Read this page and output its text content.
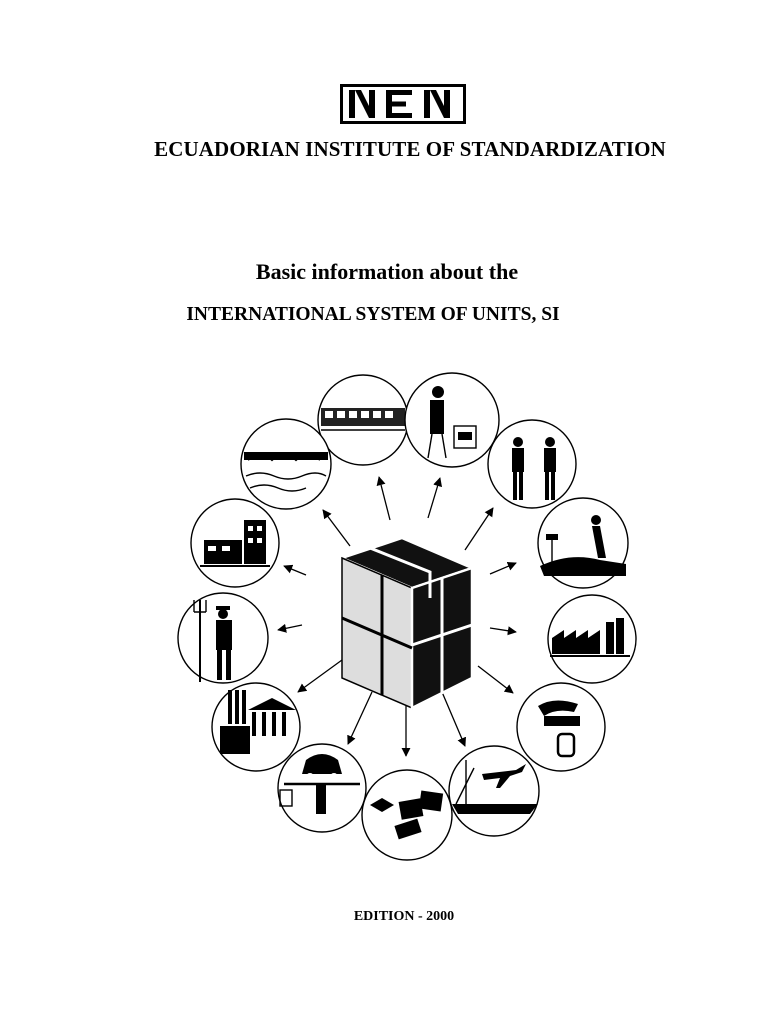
ECUADORIAN INSTITUTE OF STANDARDIZATION
Basic information about the
INTERNATIONAL SYSTEM OF UNITS, SI
EDITION - 2000
